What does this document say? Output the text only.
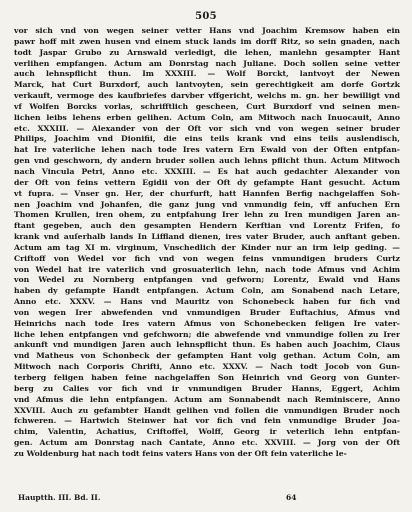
505
vor sich vnd von wegen seiner vetter Hans vnd Joachim Kremsow haben ein
pawr hoff mit zwen husen vnd einem stuck lands im dorff Ritz, so sein gnaden, nach
todt Jaspar Grubo zu Arnswald verledigt, die lehen, manlehn gesampter Hant
verlihen empfangen. Actum am Donrstag nach Juliane. Doch sollen seine vetter
auch lehnspflicht thun. Im XXXIII. — Wolf Borckt, lantvoyt der Newen
Marck, hat Curt Burxdorf, auch lantvoyten, sein gerechtigkeit am dorfe Gortzk
verkauft, vermoge des kaufbriefes darvber vffgericht, welchs m. gn. her bewilligt vnd
vf Wolfen Borcks vorlas, schrifftlich gescheen, Curt Burxdorf vnd seinen men-
lichen leibs lehens erben gelihen. Actum Coln, am Mitwoch nach Inuocauit, Anno
etc. XXXIII. — Alexander von der Oft vor sich vnd von wegen seiner bruder
Philips, Joachim vnd Dionifii, die eins teils krank vnd eins teils auslendisch,
hat Ire vaterliche lehen nach tode Ires vatern Ern Ewald von der Often entpfan-
gen vnd geschworn, dy andern bruder sollen auch lehns pflicht thun. Actum Mitwoch
nach Vincula Petri, Anno etc. XXXIII. — Es hat auch gedachter Alexander von
der Oft von feins vettern Egidii von der Oft dy gefampte Hant gesucht. Actum
vt fupra. — Vnser gn. Her, der churfurft, hatt Hannfen Berfig nachgelaffen Soh-
nen Joachim vnd Johanfen, die ganz jung vnd vnmundig fein, vff anfuchen Ern
Thomen Krullen, iren ohem, zu entpfahung Irer lehn zu Iren mundigen Jaren an-
ftant gegeben, auch den gesampten Hendern Kerftian vnd Lorentz Frifen, fo
krank vnd auſerhalb lands In Liffland dienen, ires vater Bruder, auch anftant geben.
Actum am tag XI m. virginum, Vnschedlich der Kinder nur an irm leip geding. —
Criftoff von Wedel vor fich vnd von wegen feins vnmundigen bruders Curtz
von Wedel hat ire vaterlich vnd grosuaterlich lehn, nach tode Afmus vnd Achim
von Wedel zu Nornberg entpfangen vnd gefworn; Lorentz, Ewald vnd Hans
haben dy gefampte Handt entpfangen. Actum Coln, am Sonabend nach Letare,
Anno etc. XXXV. — Hans vnd Mauritz von Schonebeck haben fur fich vnd
von wegen Irer abwefenden vnd vnmundigen Bruder Euftachius, Afmus vnd
Heinrichs nach tode Ires vatern Afmus von Schonebecken feligen Ire vater-
liche lehen entpfangen vnd gefchworn; die abwefende vnd vnmundige follen zu Irer
ankunft vnd mundigen Jaren auch lehnspflicht thun. Es haben auch Joachim, Claus
vnd Matheus von Schonbeck der gefampten Hant volg gethan. Actum Coln, am
Mitwoch nach Corporis Chrifti, Anno etc. XXXV. — Nach todt Jocob von Gun-
terberg feligen haben feine nachgelaffen Son Heinrich vnd Georg von Gunter-
berg zu Calies vor fich vnd ir vnmundigen Bruder Hanns, Eggert, Achim
vnd Afmus die lehn entpfangen. Actum am Sonnabendt nach Reminiscere, Anno
XXVIII. Auch zu gefambter Handt gelihen vnd follen die vnmundigen Bruder noch
fchweren. — Hartwich Steinwer hat vor fich vnd fein vnmundige Bruder Joa-
chim, Valentin, Achatius, Criftoffel, Wolff, Georg ir veterlich lehn entpfan-
gen. Actum am Donrstag nach Cantate, Anno etc. XXVIII. — Jorg von der Oft
zu Woldenburg hat nach todt feins vaters Hans von der Oft fein vaterliche le-
Hauptth. III. Bd. II.	64
